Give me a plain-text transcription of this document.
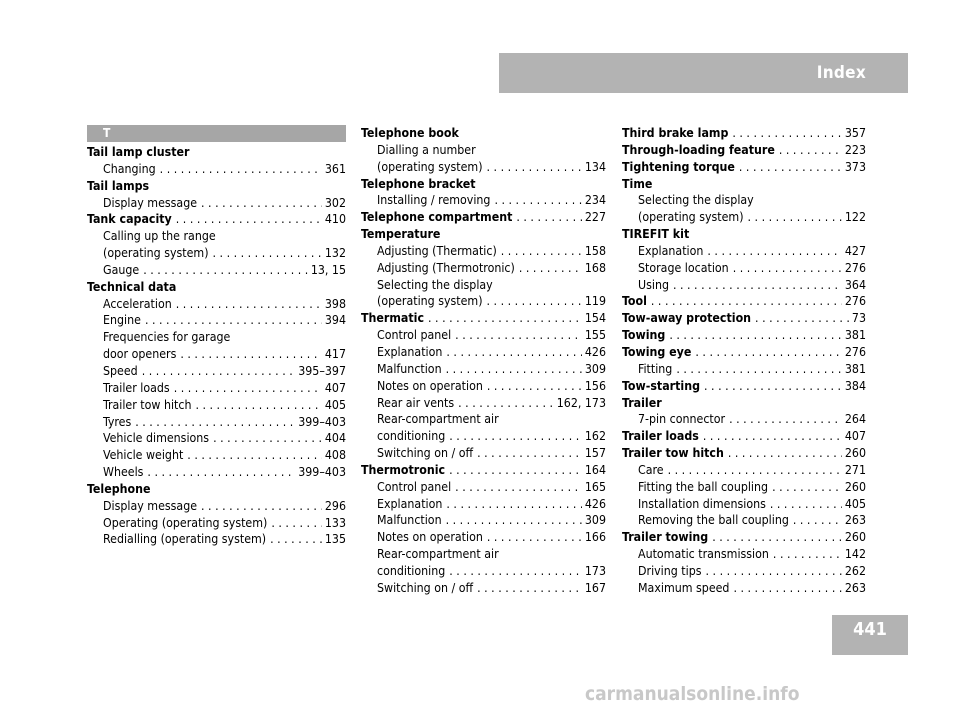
Index
T
Tail lamp cluster
Changing . . .	361
Tail lamps
Display message . . .	302
Tank capacity . . .	410
Calling up the range
(operating system) . . .	132
Gauge . . .	13, 15
Technical data
Acceleration . . .	398
Engine . . .	394
Frequencies for garage
door openers . . .	417
Speed . . .	395–397
Trailer loads . . .	407
Trailer tow hitch . . .	405
Tyres . . .	399–403
Vehicle dimensions . . .	404
Vehicle weight . . .	408
Wheels . . .	399–403
Telephone
Display message . . .	296
Operating (operating system) . . .	133
Redialling (operating system) . . .	135
Telephone book
Dialling a number
(operating system) . . .	134
Telephone bracket
Installing / removing . . .	234
Telephone compartment . . .	227
Temperature
Adjusting (Thermatic) . . .	158
Adjusting (Thermotronic) . . .	168
Selecting the display
(operating system) . . .	119
Thermatic . . .	154
Control panel . . .	155
Explanation . . .	426
Malfunction . . .	309
Notes on operation . . .	156
Rear air vents . . .	162, 173
Rear-compartment air
conditioning . . .	162
Switching on / off . . .	157
Thermotronic . . .	164
Control panel . . .	165
Explanation . . .	426
Malfunction . . .	309
Notes on operation . . .	166
Rear-compartment air
conditioning . . .	173
Switching on / off . . .	167
Third brake lamp . . .	357
Through-loading feature . . .	223
Tightening torque . . .	373
Time
Selecting the display
(operating system) . . .	122
TIREFIT kit
Explanation . . .	427
Storage location . . .	276
Using . . .	364
Tool . . .	276
Tow-away protection . . .	73
Towing . . .	381
Towing eye . . .	276
Fitting . . .	381
Tow-starting . . .	384
Trailer
7-pin connector . . .	264
Trailer loads . . .	407
Trailer tow hitch . . .	260
Care . . .	271
Fitting the ball coupling . . .	260
Installation dimensions . . .	405
Removing the ball coupling . . .	263
Trailer towing . . .	260
Automatic transmission . . .	142
Driving tips . . .	262
Maximum speed . . .	263
441
carmanualsonline.info
